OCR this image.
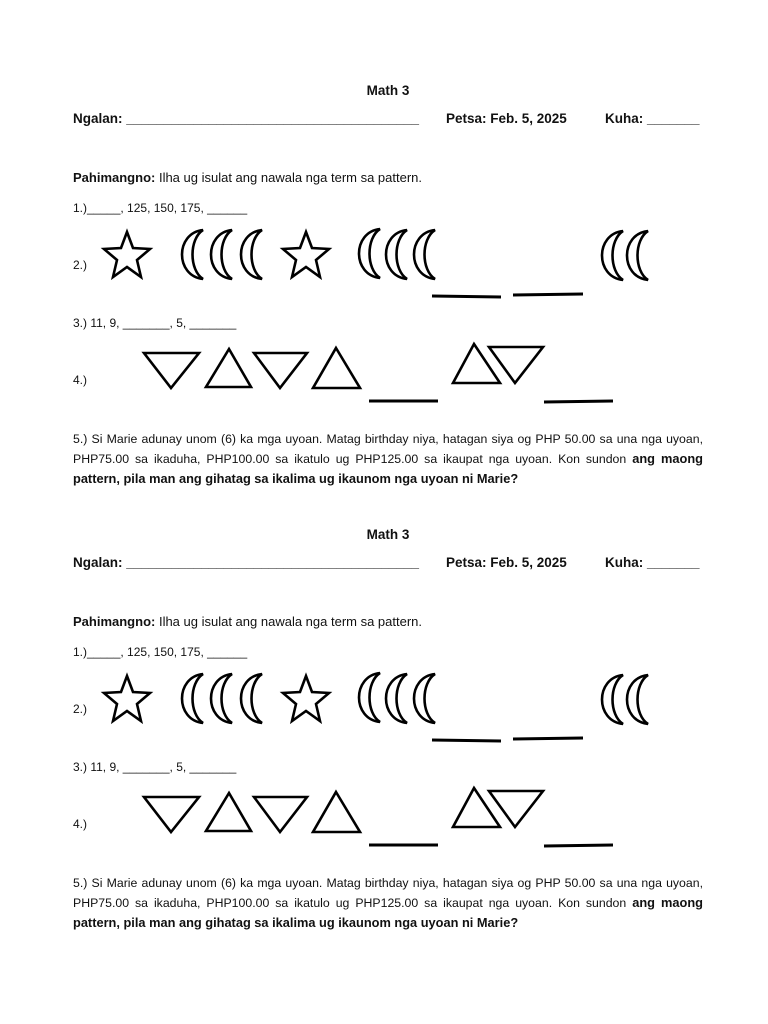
Math 3
Ngalan: _______________________________________ Petsa: Feb. 5, 2025	Kuha: _______
Pahimangno: Ilha ug isulat ang nawala nga term sa pattern.
1.)_____, 125, 150, 175, ______
2.)
3.) 11, 9, _______, 5, _______
4.)
5.) Si Marie adunay unom (6) ka mga uyoan. Matag birthday niya, hatagan siya og PHP 50.00 sa una nga uyoan, PHP75.00 sa ikaduha, PHP100.00 sa ikatulo ug PHP125.00 sa ikaupat nga uyoan. Kon sundon ang maong pattern, pila man ang gihatag sa ikalima ug ikaunom nga uyoan ni Marie?
Math 3
Ngalan: _______________________________________ Petsa: Feb. 5, 2025	Kuha: _______
Pahimangno: Ilha ug isulat ang nawala nga term sa pattern.
1.)_____, 125, 150, 175, ______
2.)
3.) 11, 9, _______, 5, _______
4.)
5.) Si Marie adunay unom (6) ka mga uyoan. Matag birthday niya, hatagan siya og PHP 50.00 sa una nga uyoan, PHP75.00 sa ikaduha, PHP100.00 sa ikatulo ug PHP125.00 sa ikaupat nga uyoan. Kon sundon ang maong pattern, pila man ang gihatag sa ikalima ug ikaunom nga uyoan ni Marie?
